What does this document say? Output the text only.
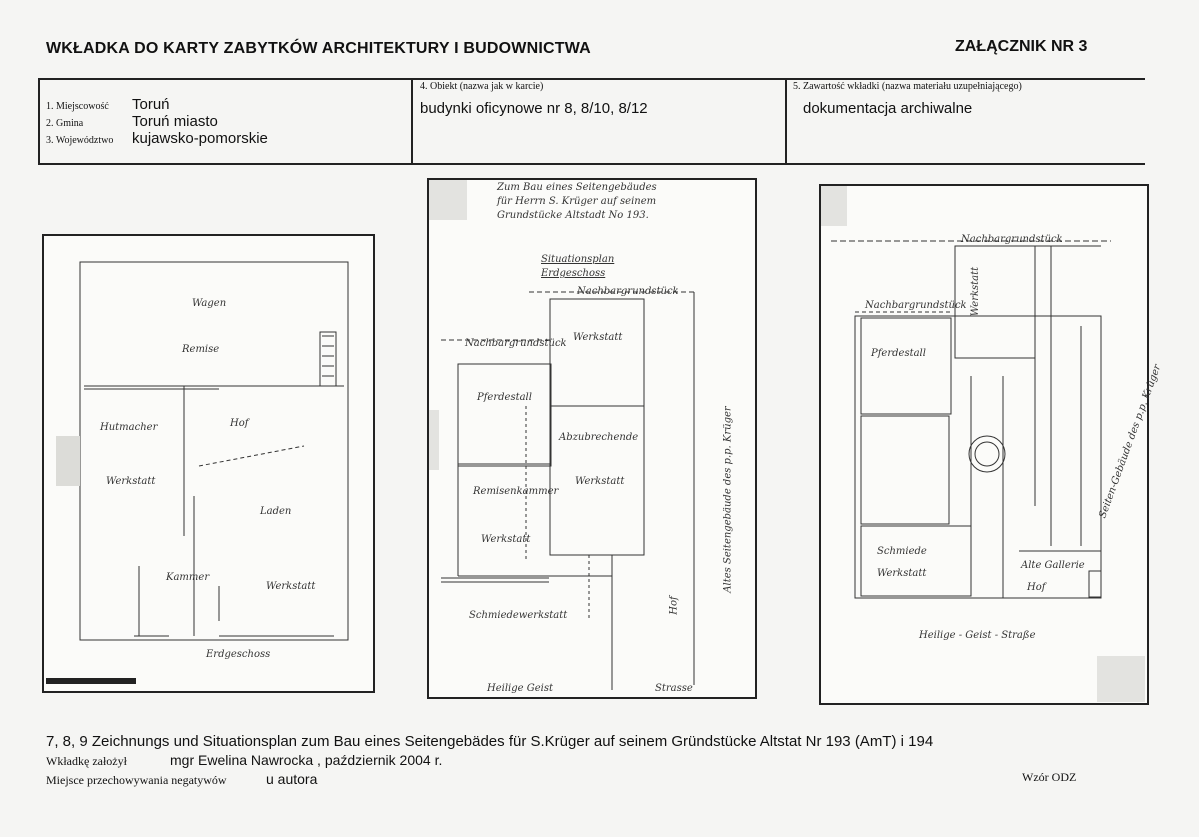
WKŁADKA DO KARTY ZABYTKÓW ARCHITEKTURY I BUDOWNICTWA	ZAŁĄCZNIK NR 3
1. Miejscowość Toruń
2. Gmina	Toruń miasto
3. Województwo kujawsko-pomorskie
4. Obiekt (nazwa jak w karcie)
budynki oficynowe nr 8, 8/10, 8/12
5. Zawartość wkładki (nazwa materiału uzupełniającego)
dokumentacja archiwalne
Wagen
Remise
Hof
Hutmacher
Werkstatt
Kammer
Werkstatt
Laden
Erdgeschoss
Zum Bau eines Seitengebäudes
für Herrn S. Krüger auf seinem
Grundstücke Altstadt No 193.
Situationsplan
Erdgeschoss
Nachbargrundstück
Nachbargrundstück
Werkstatt
Pferdestall
Abzubrechende
Werkstatt
Remisenkammer
Werkstatt
Schmiedewerkstatt
Hof
Altes Seitengebäude des p.p. Krüger
Heilige Geist	Strasse
Nachbargrundstück
Nachbargrundstück
Pferdestall
Werkstatt
Schmiede
Werkstatt
Alte Gallerie
Hof
Heilige - Geist - Straße
Seiten-Gebäude des p.p. Krüger
7, 8, 9 Zeichnungs und Situationsplan zum Bau eines Seitengebädes für S.Krüger auf seinem Gründstücke Altstat Nr 193 (AmT) i 194
Wkładkę założył	mgr Ewelina Nawrocka , październik 2004 r.
Miejsce przechowywania negatywów	u autora	Wzór ODZ
